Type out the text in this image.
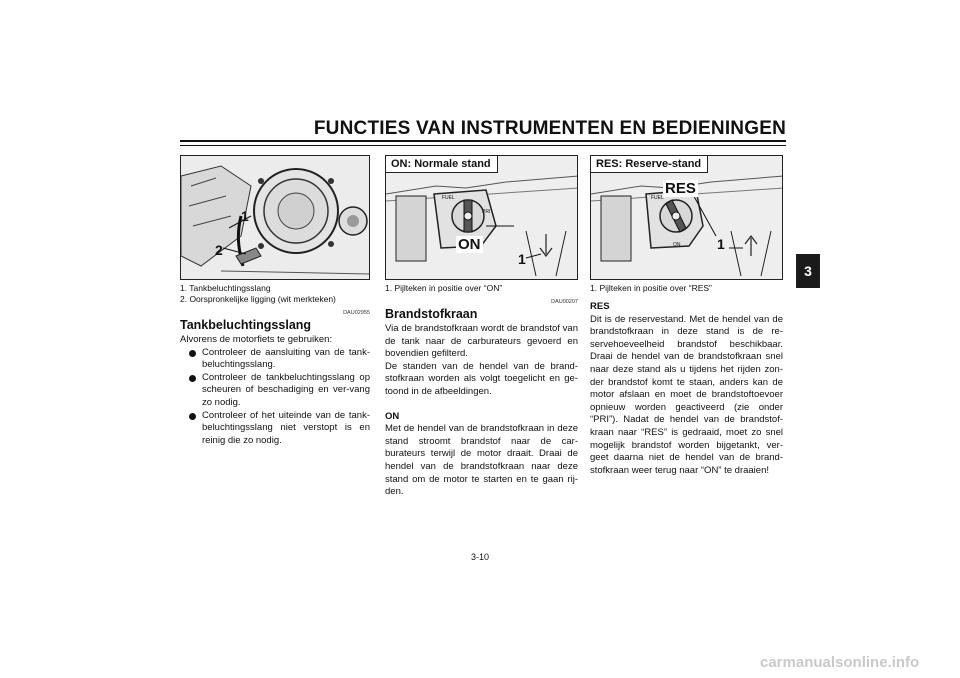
FUNCTIES VAN INSTRUMENTEN EN BEDIENINGEN
3
1
2
1. Tankbeluchtingsslang
2. Oorspronkelijke ligging (wit merkteken)
DAU02955
Tankbeluchtingsslang

Alvorens de motorfiets te gebruiken:

Controleer de aansluiting van de tank-beluchtingsslang.
Controleer de tankbeluchtingsslang op scheuren of beschadiging en ver-vang zo nodig.
Controleer of het uiteinde van de tank-beluchtingsslang niet verstopt is en reinig die zo nodig.
ON: Normale stand
ON
1
FUEL
PRI
1. Pijlteken in positie over “ON”
DAU00207
Brandstofkraan

Via de brandstofkraan wordt de brandstof van de tank naar de carburateurs gevoerd en bovendien gefilterd.

De standen van de hendel van de brand-stofkraan worden als volgt toegelicht en ge-toond in de afbeeldingen.

ON

Met de hendel van de brandstofkraan in deze stand stroomt brandstof naar de car-burateurs terwijl de motor draait. Draai de hendel van de brandstofkraan naar deze stand om de motor te starten en te gaan rij-den.

RES: Reserve-stand
RES
1
FUEL
ON
1. Pijlteken in positie over “RES”
RES

Dit is de reservestand. Met de hendel van de brandstofkraan in deze stand is de re-servehoeveelheid brandstof beschikbaar. Draai de hendel van de brandstofkraan snel naar deze stand als u tijdens het rijden zon-der brandstof komt te staan, anders kan de motor afslaan en moet de brandstoftoevoer opnieuw worden geactiveerd (zie onder “PRI”). Nadat de hendel van de brandstof-kraan naar “RES” is gedraaid, moet zo snel mogelijk brandstof worden bijgetankt, ver-geet daarna niet de hendel van de brand-stofkraan weer terug naar “ON” te draaien!

3-10
carmanualsonline.info
